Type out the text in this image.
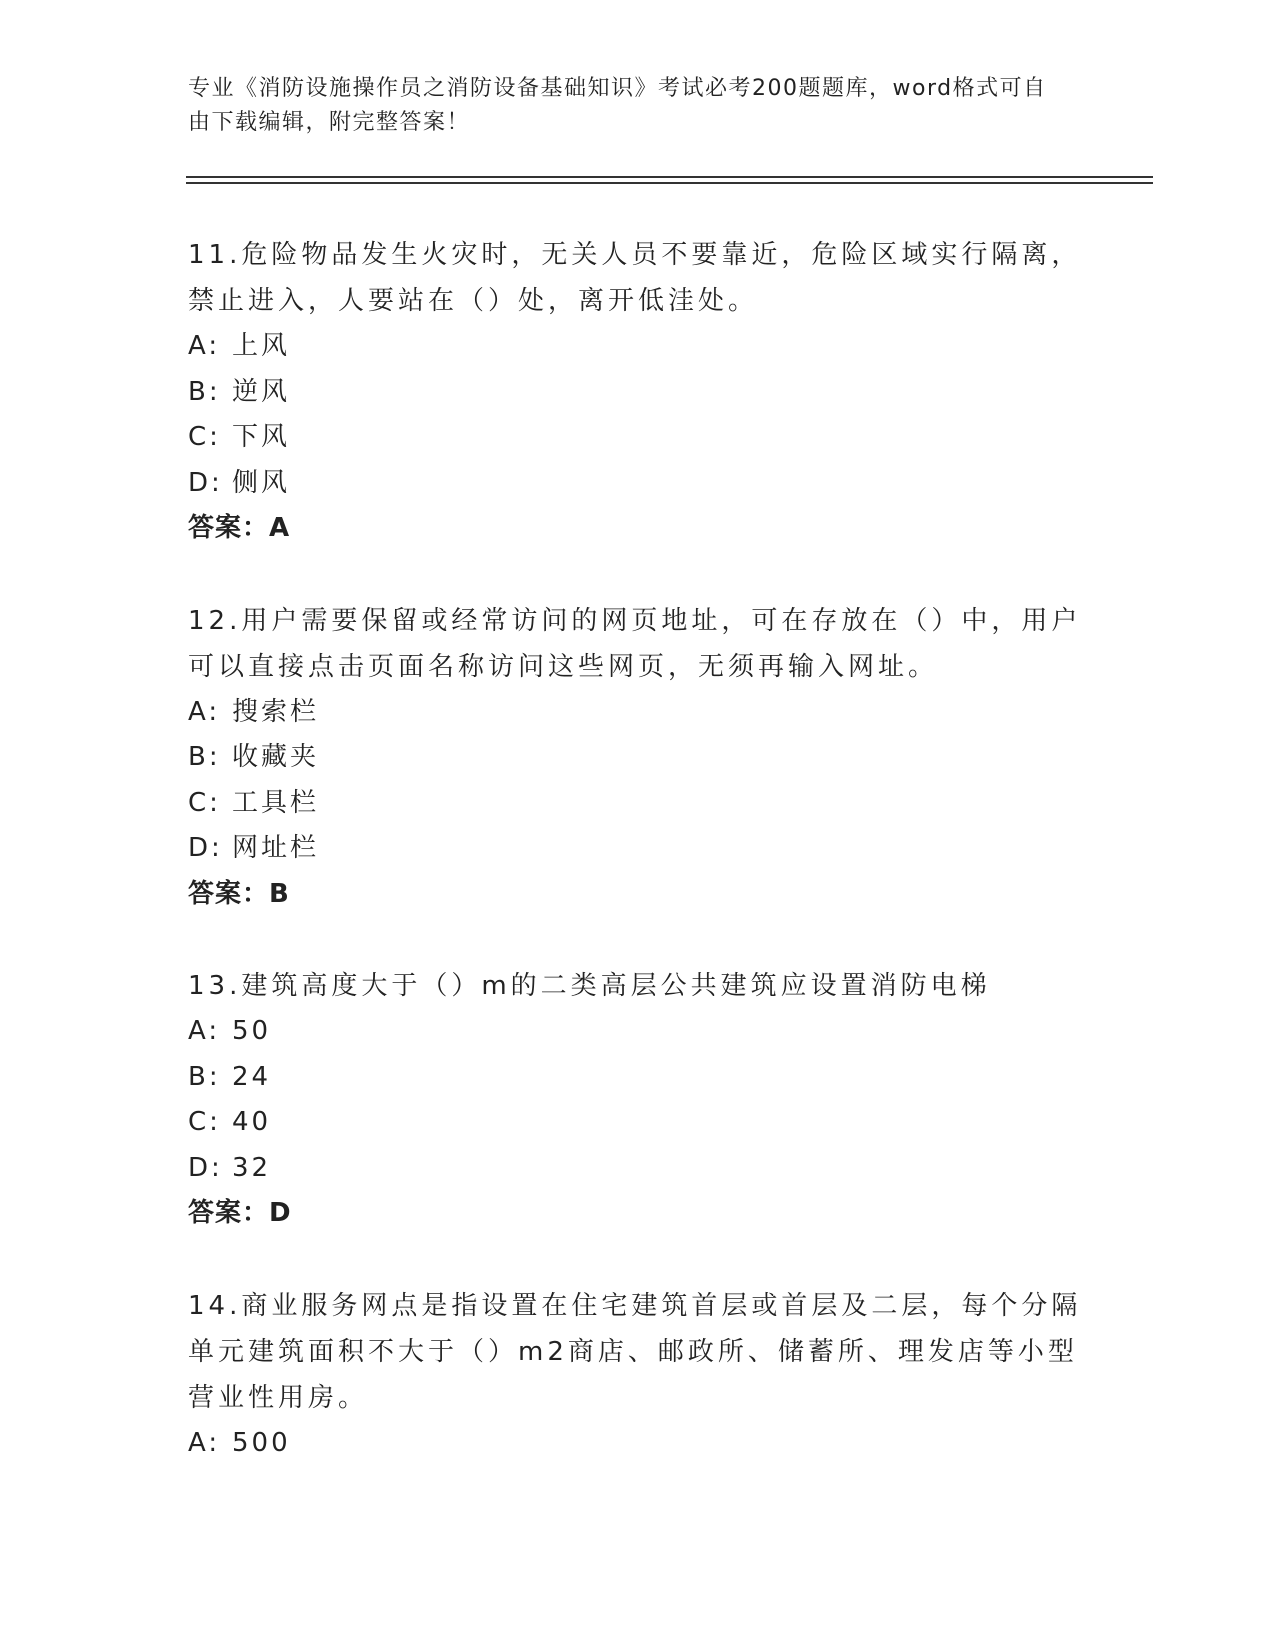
专业《消防设施操作员之消防设备基础知识》考试必考200题题库，word格式可自由下载编辑，附完整答案！
11.危险物品发生火灾时，无关人员不要靠近，危险区域实行隔离，禁止进入，人要站在（）处，离开低洼处。
A: 上风
B: 逆风
C: 下风
D: 侧风
答案：A
12.用户需要保留或经常访问的网页地址，可在存放在（）中，用户可以直接点击页面名称访问这些网页，无须再输入网址。
A: 搜索栏
B: 收藏夹
C: 工具栏
D: 网址栏
答案：B
13.建筑高度大于（）m的二类高层公共建筑应设置消防电梯
A: 50
B: 24
C: 40
D: 32
答案：D
14.商业服务网点是指设置在住宅建筑首层或首层及二层，每个分隔单元建筑面积不大于（）m2商店、邮政所、储蓄所、理发店等小型营业性用房。
A: 500
